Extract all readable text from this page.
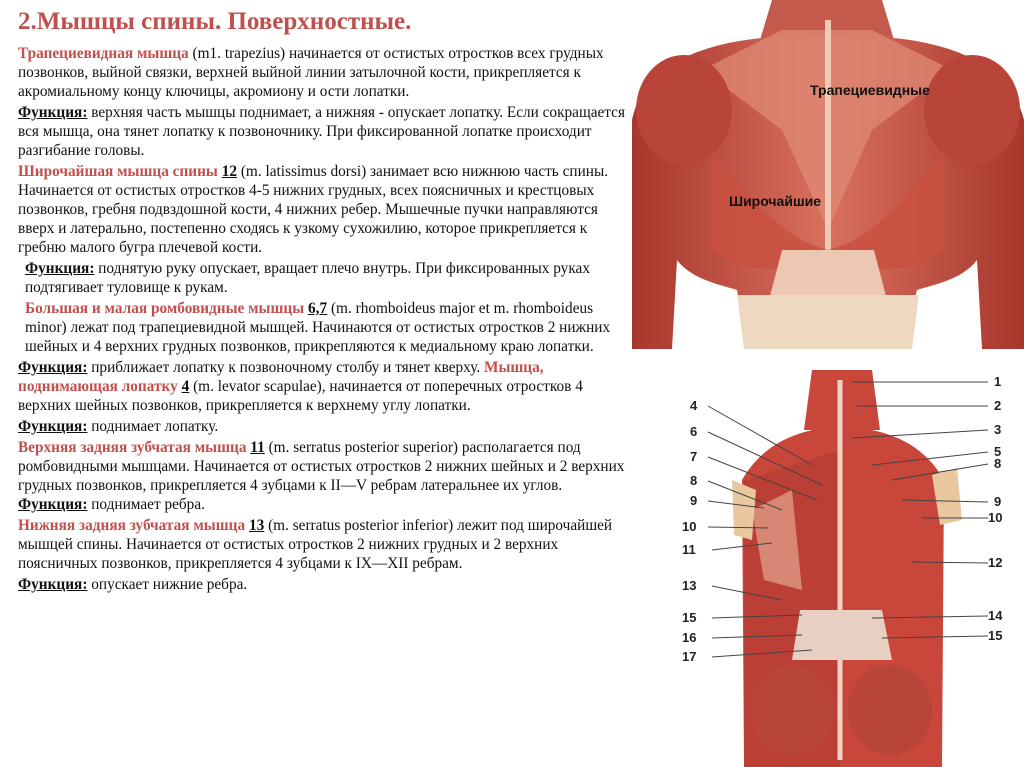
2.Мышцы спины. Поверхностные.

Трапециевидная мышца (m1. trapezius) начинается от остистых отростков всех грудных позвонков, выйной связки, верхней выйной линии затылочной кости, прикрепляется к акромиальному концу ключицы, акромиону и ости лопатки.

Функция: верхняя часть мышцы поднимает, а нижняя - опускает лопатку. Если сокращается вся мышца, она тянет лопатку к позвоночнику. При фиксированной лопатке происходит разгибание головы.

Широчайшая мышца спины 12 (m. latissimus dorsi) занимает всю нижнюю часть спины. Начинается от остистых отростков 4-5 нижних грудных, всех поясничных и крестцовых позвонков, гребня подвздошной кости, 4 нижних ребер. Мышечные пучки направляются вверх и латерально, постепенно сходясь к узкому сухожилию, которое прикрепляется к гребню малого бугра плечевой кости.

Функция: поднятую руку опускает, вращает плечо внутрь. При фиксированных руках подтягивает туловище к рукам.

Большая и малая ромбовидные мышцы 6,7 (m. rhomboideus major et m. rhomboideus minor) лежат под трапециевидной мышцей. Начинаются от остистых отростков 2 нижних шейных и 4 верхних грудных позвонков, прикрепляются к медиальному краю лопатки.

Функция: приближает лопатку к позвоночному столбу и тянет кверху. Мышца, поднимающая лопатку 4 (m. levator scapulae), начинается от поперечных отростков 4 верхних шейных позвонков, прикрепляется к верхнему углу лопатки.

Функция: поднимает лопатку.

Верхняя задняя зубчатая мышца 11 (m. serratus posterior superior) располагается под ромбовидными мышцами. Начинается от остистых отростков 2 нижних шейных и 2 верхних грудных позвонков, прикрепляется 4 зубцами к II—V ребрам латеральнее их углов.
Функция: поднимает ребра.

Нижняя задняя зубчатая мышца 13 (m. serratus posterior inferior) лежит под широчайшей мышцей спины. Начинается от остистых отростков 2 нижних грудных и 2 верхних поясничных позвонков, прикрепляется 4 зубцами к IX—XII ребрам.

Функция: опускает нижние ребра.

Трапециевидные
Широчайшие
4
6
7
8
9
10
11
13
15
16
17
1
2
3
5
8
9
10
12
14
15
